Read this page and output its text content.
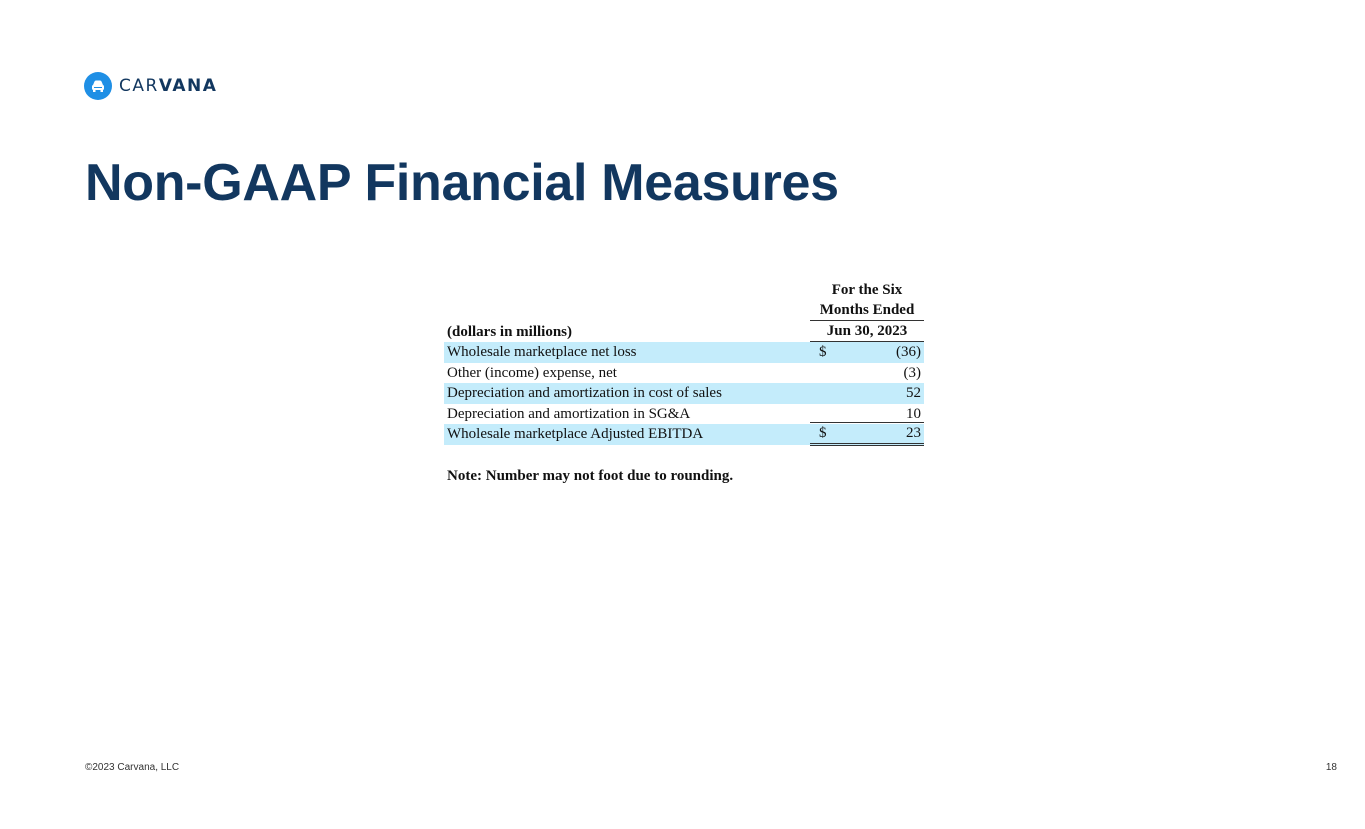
CARVANA
Non-GAAP Financial Measures
For the Six
Months Ended
(dollars in millions)	Jun 30, 2023
Wholesale marketplace net loss	$	(36)
Other (income) expense, net	(3)
Depreciation and amortization in cost of sales	52
Depreciation and amortization in SG&A	10
Wholesale marketplace Adjusted EBITDA	$	23
Note: Number may not foot due to rounding.
©2023 Carvana, LLC	18
